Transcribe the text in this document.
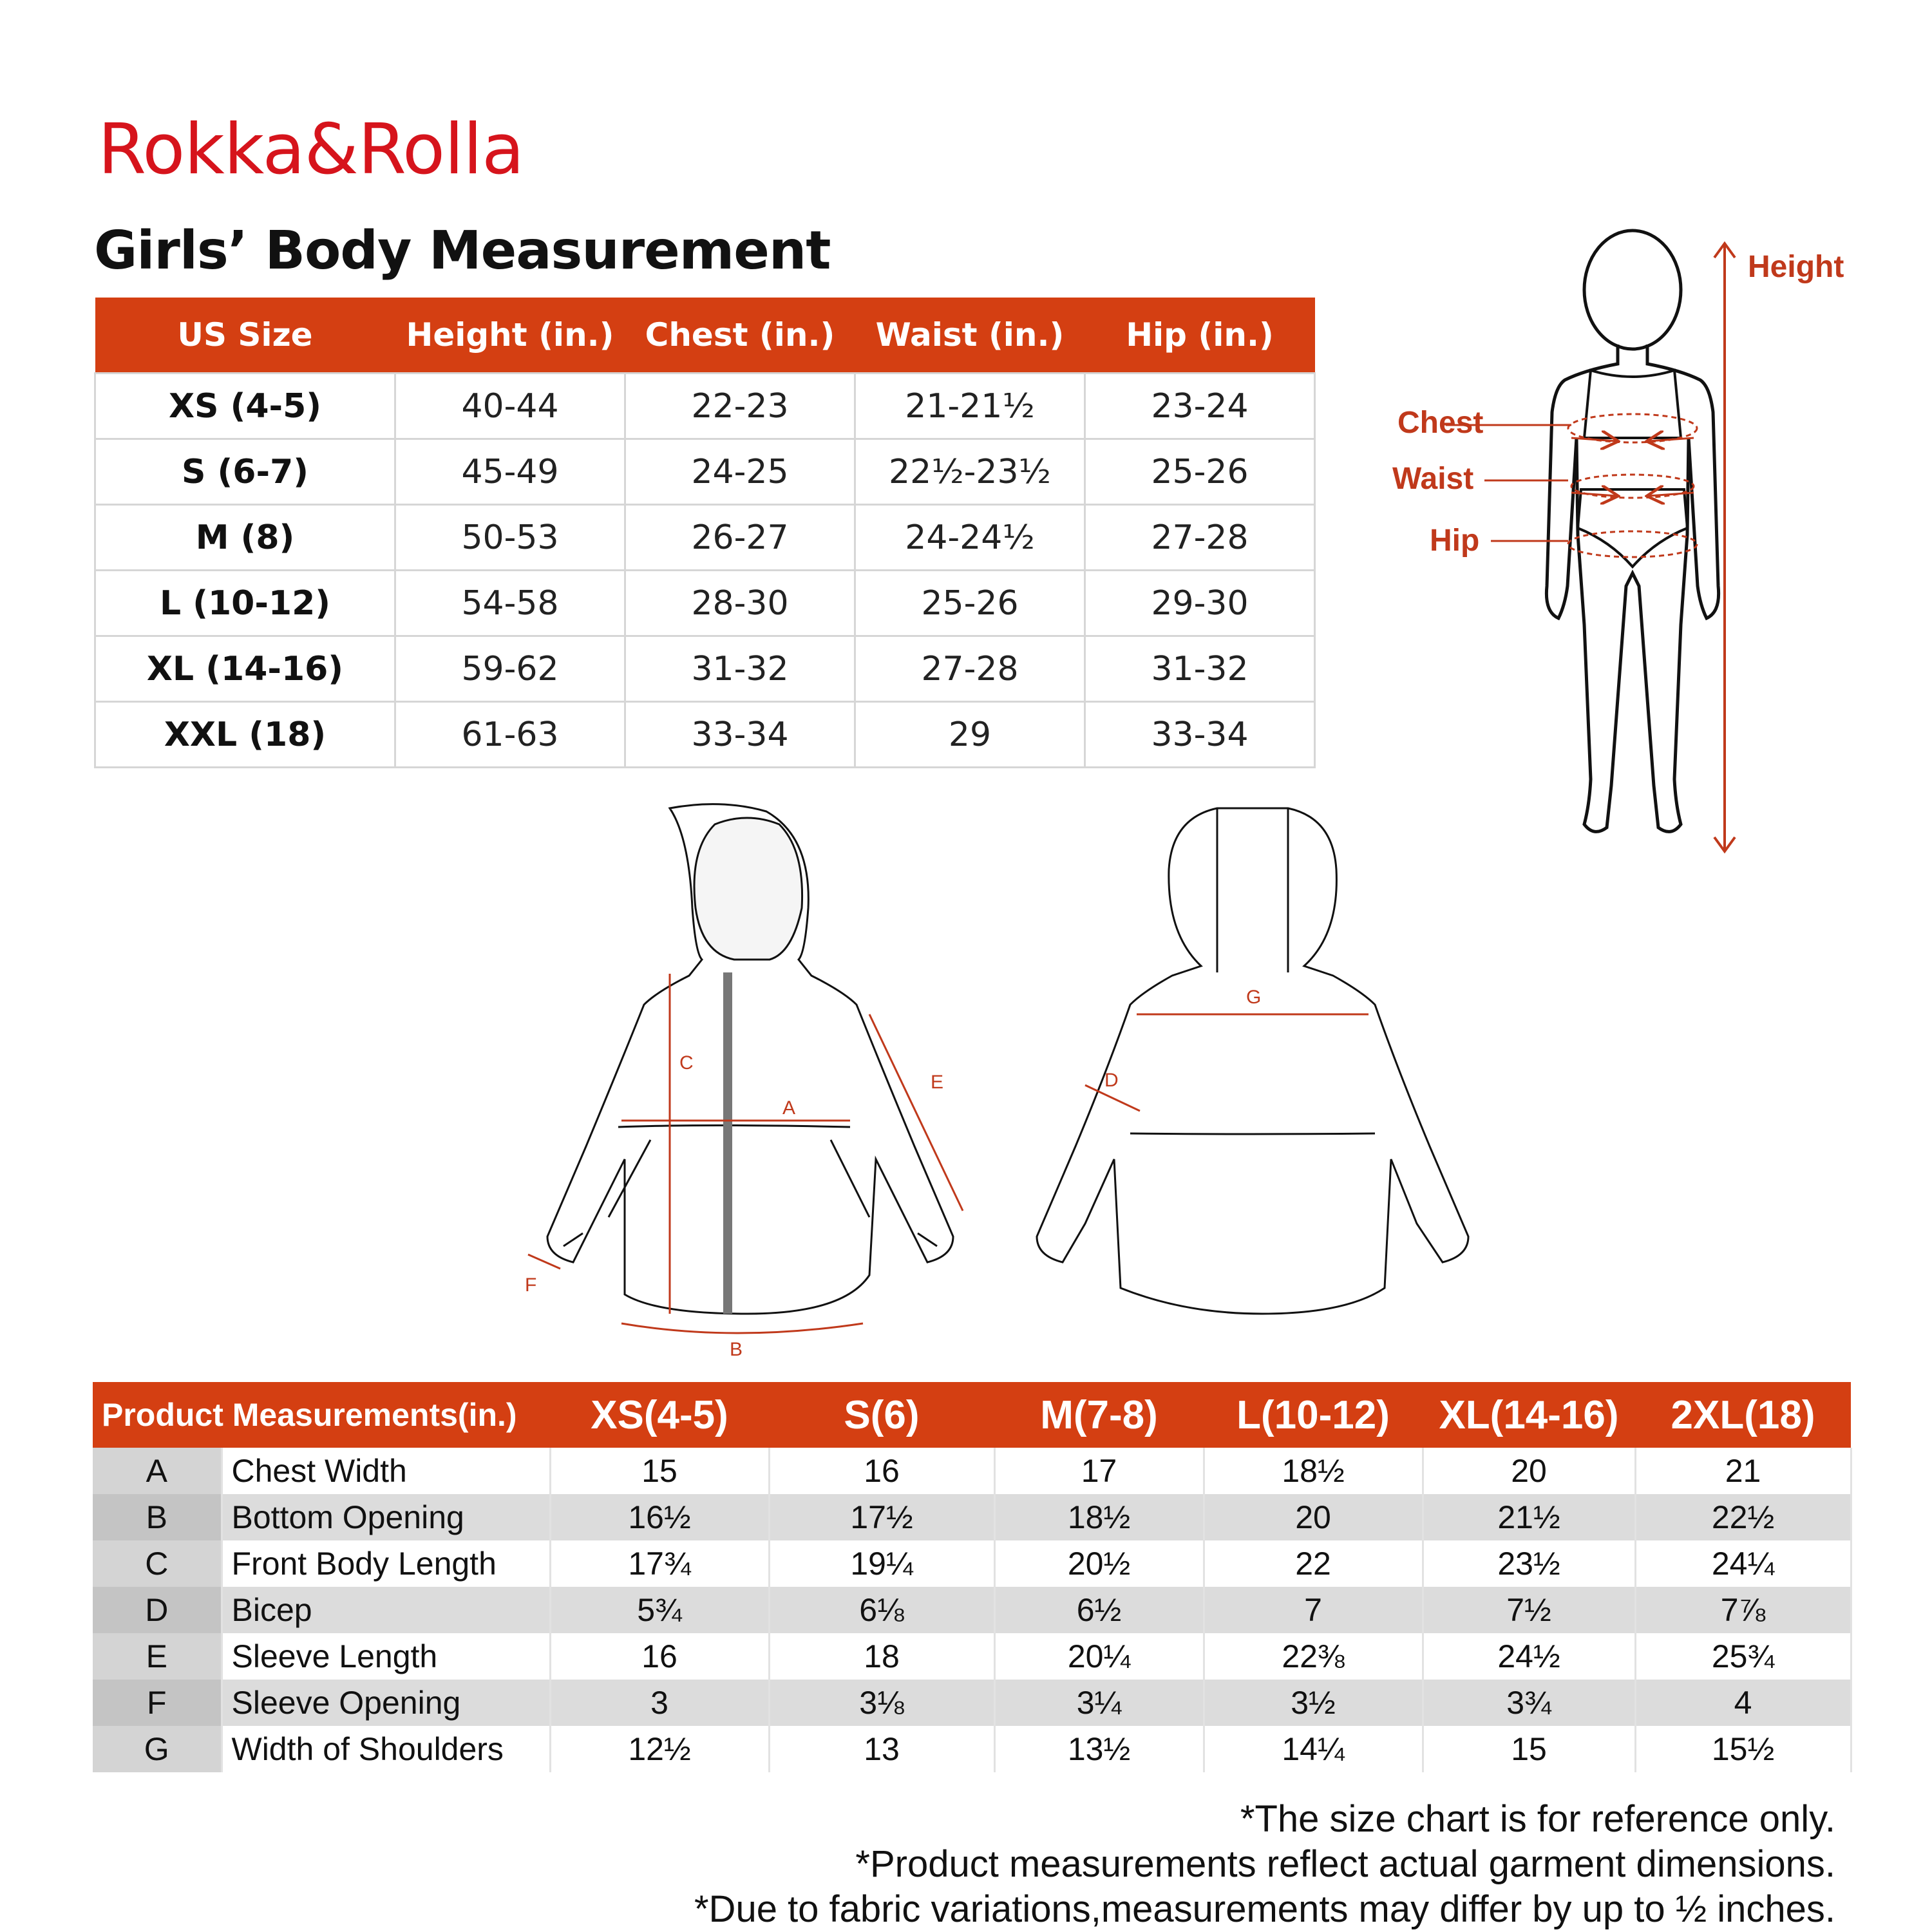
Rokka&Rolla
Girls’ Body Measurement
US Size	Height (in.)	Chest (in.)	Waist (in.)	Hip (in.)
XS (4-5)	40-44	22-23	21-21½	23-24
S (6-7)	45-49	24-25	22½-23½	25-26
M (8)	50-53	26-27	24-24½	27-28
L (10-12)	54-58	28-30	25-26	29-30
XL (14-16)	59-62	31-32	27-28	31-32
XXL (18)	61-63	33-34	29	33-34
Height
Chest
Waist
Hip
C
A
E
B
F
G
D
Product Measurements(in.)		XS(4-5)	S(6)	M(7-8)	L(10-12)	XL(14-16)	2XL(18)
A	Chest Width	15	16	17	18½	20	21
B	Bottom Opening	16½	17½	18½	20	21½	22½
C	Front Body Length	17¾	19¼	20½	22	23½	24¼
D	Bicep	5¾	6⅛	6½	7	7½	7⅞
E	Sleeve Length	16	18	20¼	22⅜	24½	25¾
F	Sleeve Opening	3	3⅛	3¼	3½	3¾	4
G	Width of Shoulders	12½	13	13½	14¼	15	15½
*The size chart is for reference only.
*Product measurements reflect actual garment dimensions.
*Due to fabric variations,measurements may differ by up to ½ inches.
